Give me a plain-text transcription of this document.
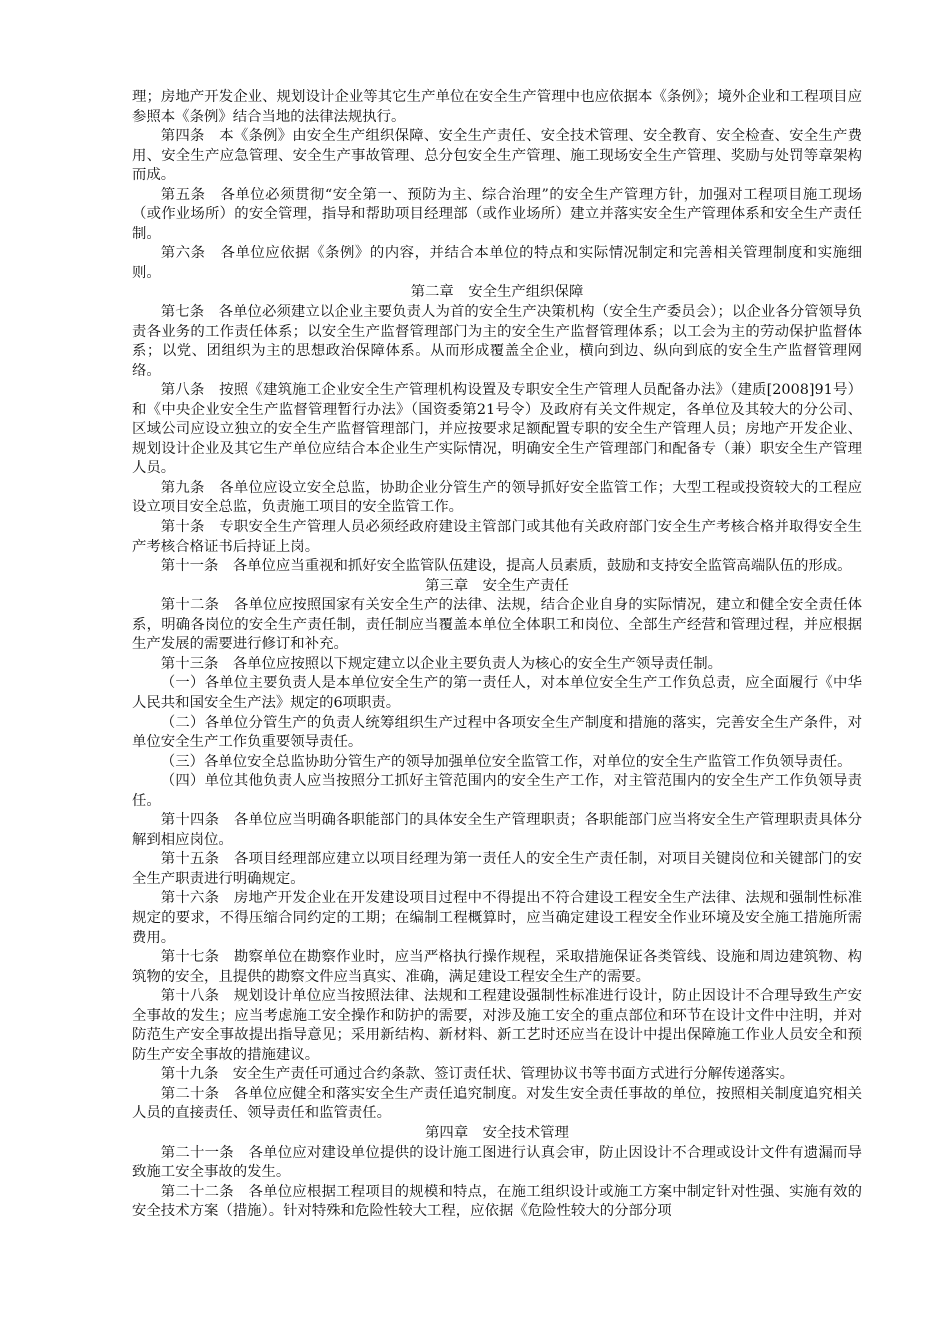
理；房地产开发企业、规划设计企业等其它生产单位在安全生产管理中也应依据本《条例》；境外企业和工程项目应参照本《条例》结合当地的法律法规执行。

第四条　本《条例》由安全生产组织保障、安全生产责任、安全技术管理、安全教育、安全检查、安全生产费用、安全生产应急管理、安全生产事故管理、总分包安全生产管理、施工现场安全生产管理、奖励与处罚等章架构而成。

第五条　各单位必须贯彻“安全第一、预防为主、综合治理”的安全生产管理方针，加强对工程项目施工现场（或作业场所）的安全管理，指导和帮助项目经理部（或作业场所）建立并落实安全生产管理体系和安全生产责任制。

第六条　各单位应依据《条例》的内容，并结合本单位的特点和实际情况制定和完善相关管理制度和实施细则。

第二章　安全生产组织保障

第七条　各单位必须建立以企业主要负责人为首的安全生产决策机构（安全生产委员会）；以企业各分管领导负责各业务的工作责任体系；以安全生产监督管理部门为主的安全生产监督管理体系；以工会为主的劳动保护监督体系；以党、团组织为主的思想政治保障体系。从而形成覆盖全企业，横向到边、纵向到底的安全生产监督管理网络。

第八条　按照《建筑施工企业安全生产管理机构设置及专职安全生产管理人员配备办法》（建质[2008]91号）和《中央企业安全生产监督管理暂行办法》（国资委第21号令）及政府有关文件规定，各单位及其较大的分公司、区域公司应设立独立的安全生产监督管理部门，并应按要求足额配置专职的安全生产管理人员；房地产开发企业、规划设计企业及其它生产单位应结合本企业生产实际情况，明确安全生产管理部门和配备专（兼）职安全生产管理人员。

第九条　各单位应设立安全总监，协助企业分管生产的领导抓好安全监管工作；大型工程或投资较大的工程应设立项目安全总监，负责施工项目的安全监管工作。

第十条　专职安全生产管理人员必须经政府建设主管部门或其他有关政府部门安全生产考核合格并取得安全生产考核合格证书后持证上岗。

第十一条　各单位应当重视和抓好安全监管队伍建设，提高人员素质，鼓励和支持安全监管高端队伍的形成。

第三章　安全生产责任

第十二条　各单位应按照国家有关安全生产的法律、法规，结合企业自身的实际情况，建立和健全安全责任体系，明确各岗位的安全生产责任制，责任制应当覆盖本单位全体职工和岗位、全部生产经营和管理过程，并应根据生产发展的需要进行修订和补充。

第十三条　各单位应按照以下规定建立以企业主要负责人为核心的安全生产领导责任制。

（一）各单位主要负责人是本单位安全生产的第一责任人，对本单位安全生产工作负总责，应全面履行《中华人民共和国安全生产法》规定的6项职责。

（二）各单位分管生产的负责人统筹组织生产过程中各项安全生产制度和措施的落实，完善安全生产条件，对单位安全生产工作负重要领导责任。

（三）各单位安全总监协助分管生产的领导加强单位安全监管工作，对单位的安全生产监管工作负领导责任。

（四）单位其他负责人应当按照分工抓好主管范围内的安全生产工作，对主管范围内的安全生产工作负领导责任。

第十四条　各单位应当明确各职能部门的具体安全生产管理职责；各职能部门应当将安全生产管理职责具体分解到相应岗位。

第十五条　各项目经理部应建立以项目经理为第一责任人的安全生产责任制，对项目关键岗位和关键部门的安全生产职责进行明确规定。

第十六条　房地产开发企业在开发建设项目过程中不得提出不符合建设工程安全生产法律、法规和强制性标准规定的要求，不得压缩合同约定的工期；在编制工程概算时，应当确定建设工程安全作业环境及安全施工措施所需费用。

第十七条　勘察单位在勘察作业时，应当严格执行操作规程，采取措施保证各类管线、设施和周边建筑物、构筑物的安全，且提供的勘察文件应当真实、准确，满足建设工程安全生产的需要。

第十八条　规划设计单位应当按照法律、法规和工程建设强制性标准进行设计，防止因设计不合理导致生产安全事故的发生；应当考虑施工安全操作和防护的需要，对涉及施工安全的重点部位和环节在设计文件中注明，并对防范生产安全事故提出指导意见；采用新结构、新材料、新工艺时还应当在设计中提出保障施工作业人员安全和预防生产安全事故的措施建议。

第十九条　安全生产责任可通过合约条款、签订责任状、管理协议书等书面方式进行分解传递落实。

第二十条　各单位应健全和落实安全生产责任追究制度。对发生安全责任事故的单位，按照相关制度追究相关人员的直接责任、领导责任和监管责任。

第四章　安全技术管理

第二十一条　各单位应对建设单位提供的设计施工图进行认真会审，防止因设计不合理或设计文件有遗漏而导致施工安全事故的发生。

第二十二条　各单位应根据工程项目的规模和特点，在施工组织设计或施工方案中制定针对性强、实施有效的安全技术方案（措施）。针对特殊和危险性较大工程，应依据《危险性较大的分部分项
